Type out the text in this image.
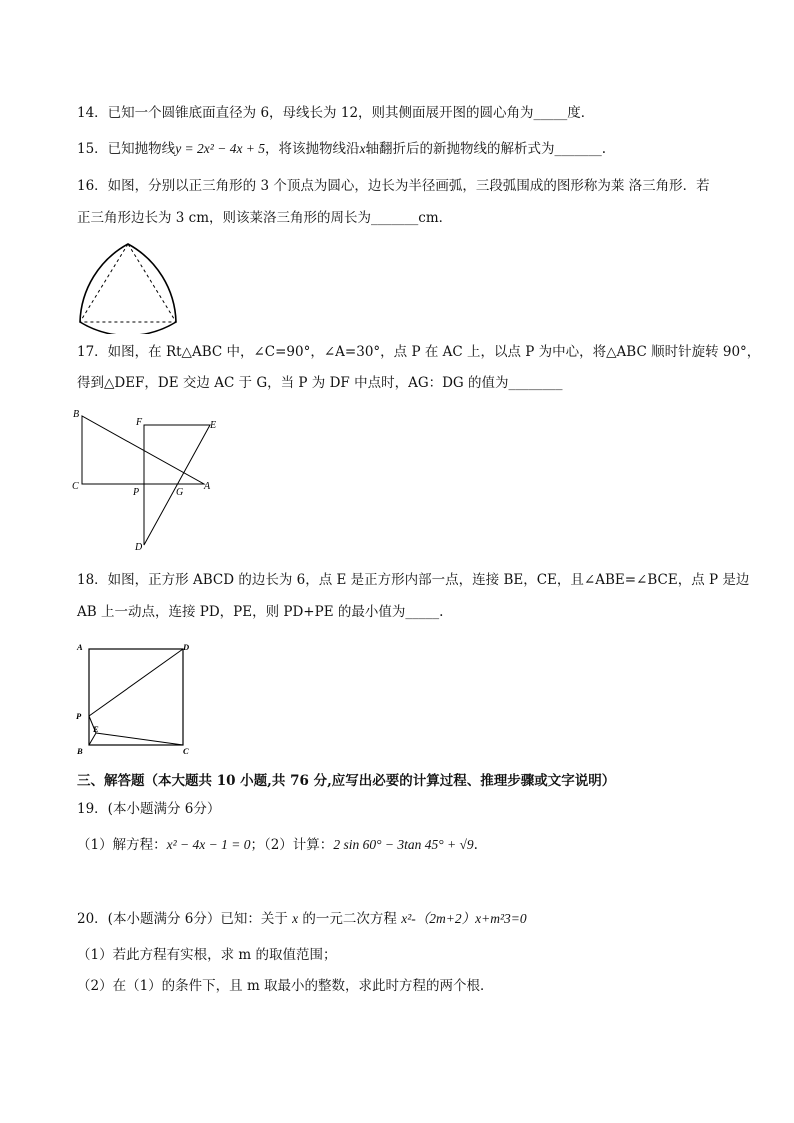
14．已知一个圆锥底面直径为 6，母线长为 12，则其侧面展开图的圆心角为_____度．
15．已知抛物线y = 2x² − 4x + 5，将该抛物线沿x轴翻折后的新抛物线的解析式为_______.
16．如图，分别以正三角形的 3 个顶点为圆心，边长为半径画弧，三段弧围成的图形称为莱 洛三角形．若
正三角形边长为 3 cm，则该莱洛三角形的周长为_______cm．
17．如图，在 Rt△ABC 中，∠C=90°，∠A=30°，点 P 在 AC 上，以点 P 为中心，将△ABC 顺时针旋转 90°，
得到△DEF，DE 交边 AC 于 G，当 P 为 DF 中点时，AG：DG 的值为________
B
F	E
C
P	G
A
D
18．如图，正方形 ABCD 的边长为 6，点 E 是正方形内部一点，连接 BE，CE，且∠ABE=∠BCE，点 P 是边
AB 上一动点，连接 PD，PE，则 PD+PE 的最小值为_____.
A	D
P
E
B	C
三、解答题（本大题共 10 小题,共 76 分,应写出必要的计算过程、推理步骤或文字说明）
19．(本小题满分 6分）
（1）解方程：x² − 4x − 1 = 0；（2）计算：2 sin 60° − 3tan 45° + √9.
20．(本小题满分 6分）已知：关于 x 的一元二次方程 x²-（2m+2）x+m²3=0
（1）若此方程有实根，求 m 的取值范围；
（2）在（1）的条件下，且 m 取最小的整数，求此时方程的两个根．
